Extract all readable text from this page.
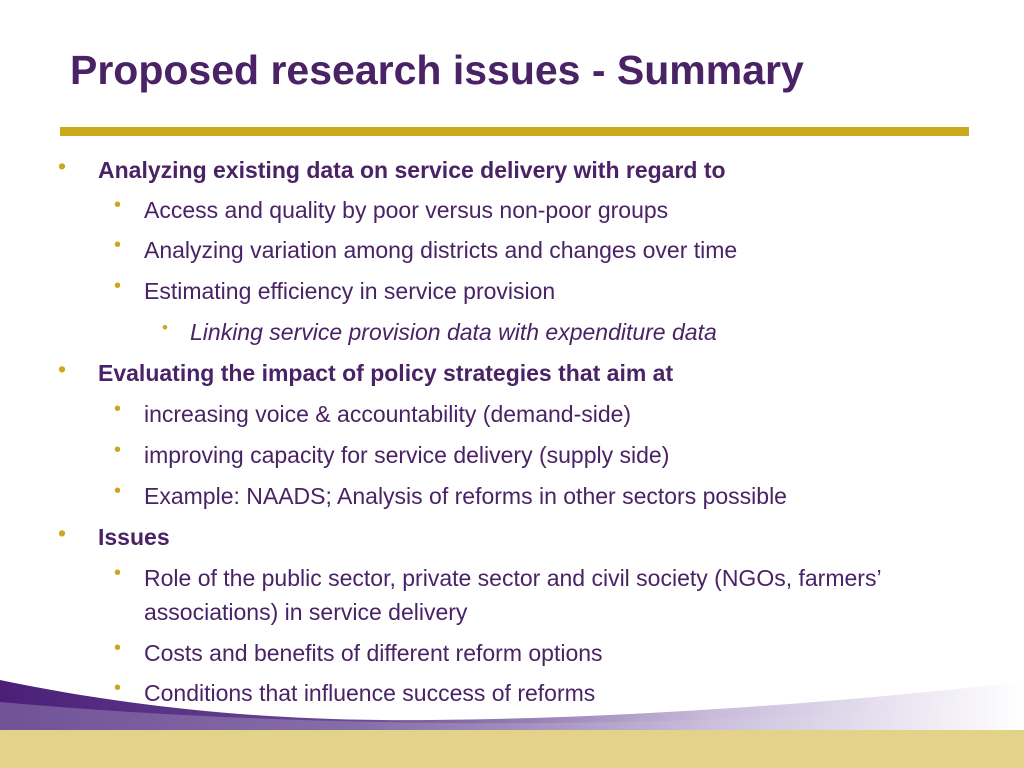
Proposed research issues - Summary
• Analyzing existing data on service delivery with regard to
• Access and quality by poor versus non-poor groups
• Analyzing variation among districts and changes over time
• Estimating efficiency in service provision
• Linking service provision data with expenditure data
• Evaluating the impact of policy strategies that aim at
• increasing voice & accountability (demand-side)
• improving capacity for service delivery (supply side)
• Example: NAADS; Analysis of reforms in other sectors possible
• Issues
• Role of the public sector, private sector and civil society (NGOs, farmers’ associations) in service delivery
• Costs and benefits of different reform options
• Conditions that influence success of reforms
